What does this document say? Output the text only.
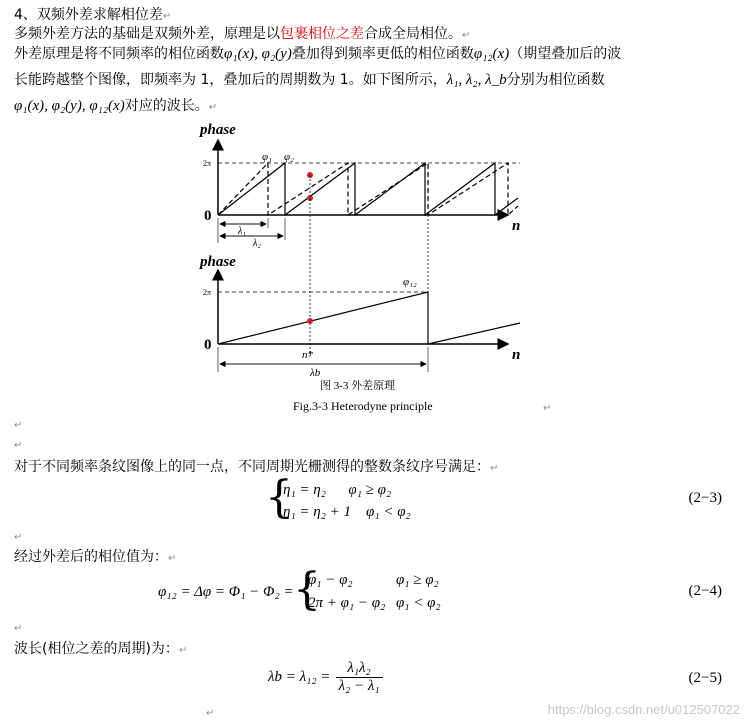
4、双频外差求解相位差↵
多频外差方法的基础是双频外差，原理是以包裹相位之差合成全局相位。↵
外差原理是将不同频率的相位函数φ₁(x), φ₂(y)叠加得到频率更低的相位函数φ₁₂(x)（期望叠加后的波
长能跨越整个图像，即频率为 1，叠加后的周期数为 1。如下图所示，λ₁, λ₂, λ_b分别为相位函数
φ₁(x), φ₂(y), φ₁₂(x)对应的波长。↵
phase
2π
0
n
φ₁ φ₂
λ₁
λ₂
phase
2π
0
n
φ₁₂
n*
λb
图 3-3 外差原理
Fig.3-3 Heterodyne principle	↵
↵
↵
对于不同频率条纹图像上的同一点，不同周期光栅测得的整数条纹序号满足：↵
{
η₁ = η₂      φ₁ ≥ φ₂
η₁ = η₂ + 1    φ₁ < φ₂
(2−3)
↵
经过外差后的相位值为：↵
φ₁₂ = Δφ = Φ₁ − Φ₂ = {
φ₁ − φ₂	φ₁ ≥ φ₂
2π + φ₁ − φ₂ φ₁ < φ₂
(2−4)
↵
波长(相位之差的周期)为：↵
$\lambda b = \lambda_{12} = \frac{\text{λ₁λ₂}}{\text{λ₂ − λ₁}}$	(2−5)
↵	https://blog.csdn.net/u012507022
